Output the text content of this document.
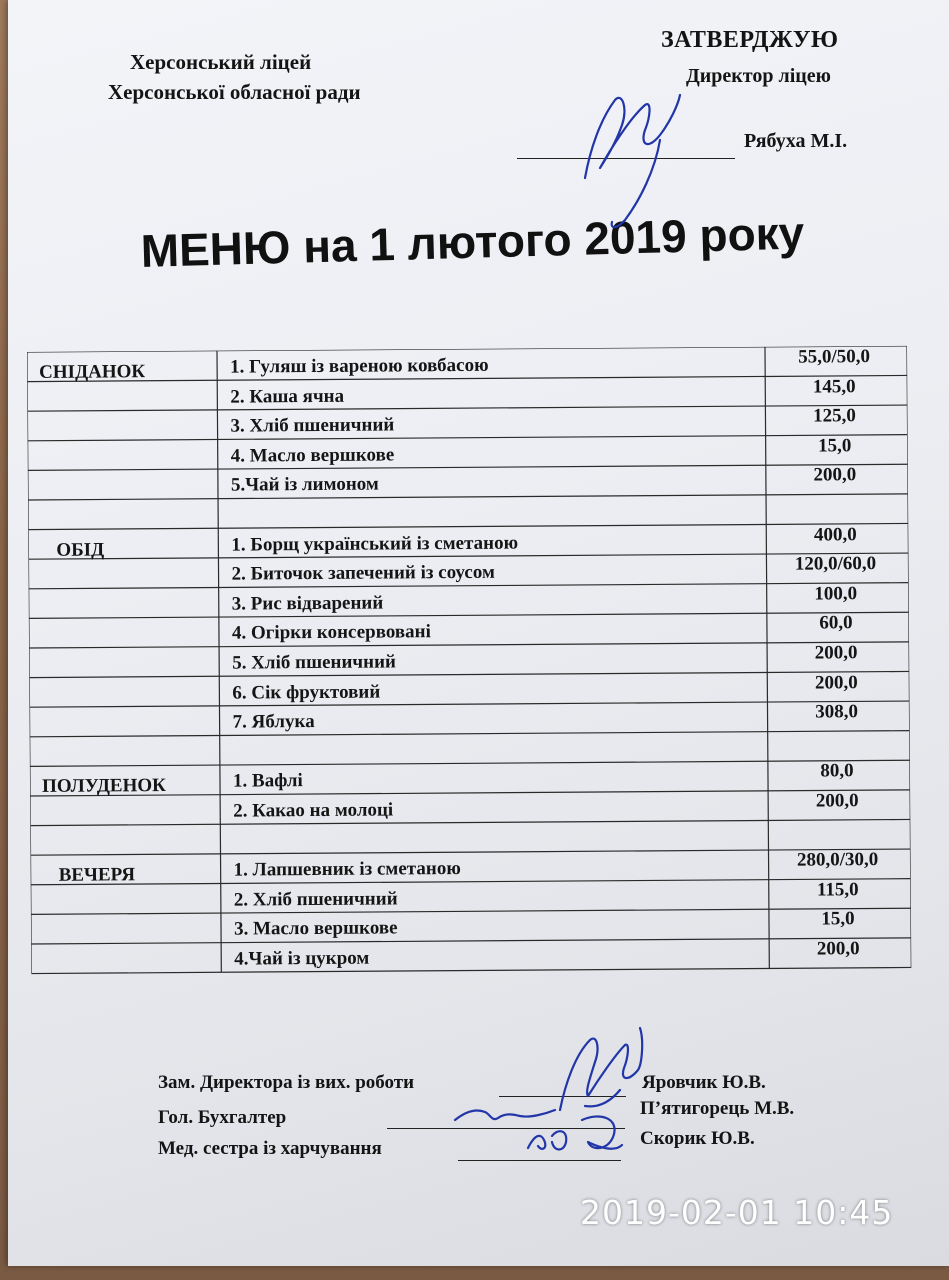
Херсонський ліцей
Херсонської обласної ради
ЗАТВЕРДЖУЮ
Директор ліцею
Рябуха М.І.
МЕНЮ на 1 лютого 2019 року
СНІДАНОК	1. Гуляш із вареною ковбасою	55,0/50,0
2. Каша ячна	145,0
3. Хліб пшеничний	125,0
4. Масло вершкове	15,0
5.Чай із лимоном	200,0
ОБІД	1. Борщ український із сметаною	400,0
2. Биточок запечений із соусом	120,0/60,0
3. Рис відварений	100,0
4. Огірки консервовані	60,0
5. Хліб пшеничний	200,0
6. Сік фруктовий	200,0
7. Яблука	308,0
ПОЛУДЕНОК	1. Вафлі	80,0
2. Какао на молоці	200,0
ВЕЧЕРЯ	1. Лапшевник із сметаною	280,0/30,0
2. Хліб пшеничний	115,0
3. Масло вершкове	15,0
4.Чай із цукром	200,0
Зам. Директора із вих. роботи	Яровчик Ю.В.
Гол. Бухгалтер	П’ятигорець М.В.
Мед. сестра із харчування	Скорик Ю.В.
2019-02-01 10:45
